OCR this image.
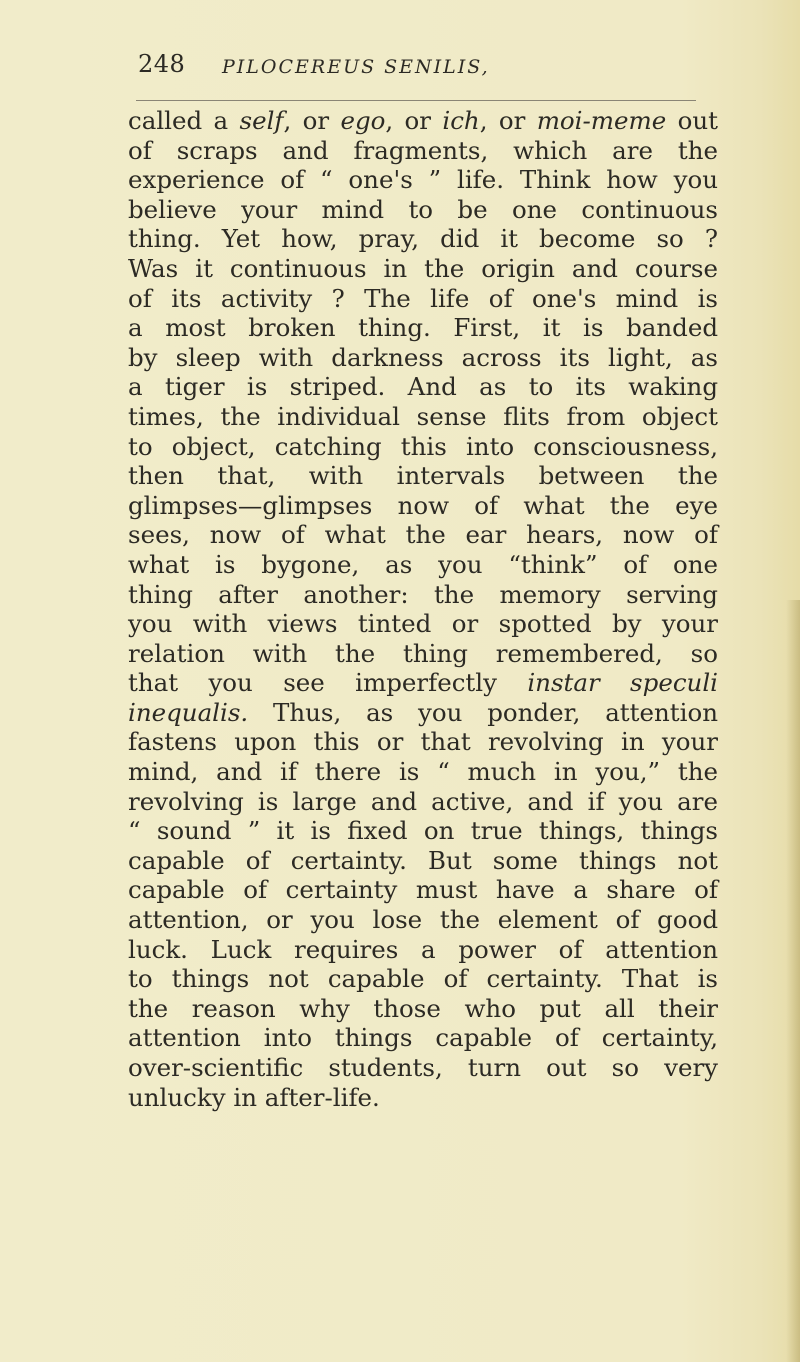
248 PILOCEREUS SENILIS,
called a self, or ego, or ich, or moi-meme out
of scraps and fragments, which are the
experience of “ one's ” life. Think how you
believe your mind to be one continuous
thing. Yet how, pray, did it become so ?
Was it continuous in the origin and course
of its activity ? The life of one's mind is
a most broken thing. First, it is banded
by sleep with darkness across its light, as
a tiger is striped. And as to its waking
times, the individual sense flits from object
to object, catching this into consciousness,
then that, with intervals between the
glimpses—glimpses now of what the eye
sees, now of what the ear hears, now of
what is bygone, as you “think” of one
thing after another: the memory serving
you with views tinted or spotted by your
relation with the thing remembered, so
that you see imperfectly instar speculi
inequalis. Thus, as you ponder, attention
fastens upon this or that revolving in your
mind, and if there is “ much in you,” the
revolving is large and active, and if you are
“ sound ” it is fixed on true things, things
capable of certainty. But some things not
capable of certainty must have a share of
attention, or you lose the element of good
luck. Luck requires a power of attention
to things not capable of certainty. That is
the reason why those who put all their
attention into things capable of certainty,
over-scientific students, turn out so very
unlucky in after-life.
